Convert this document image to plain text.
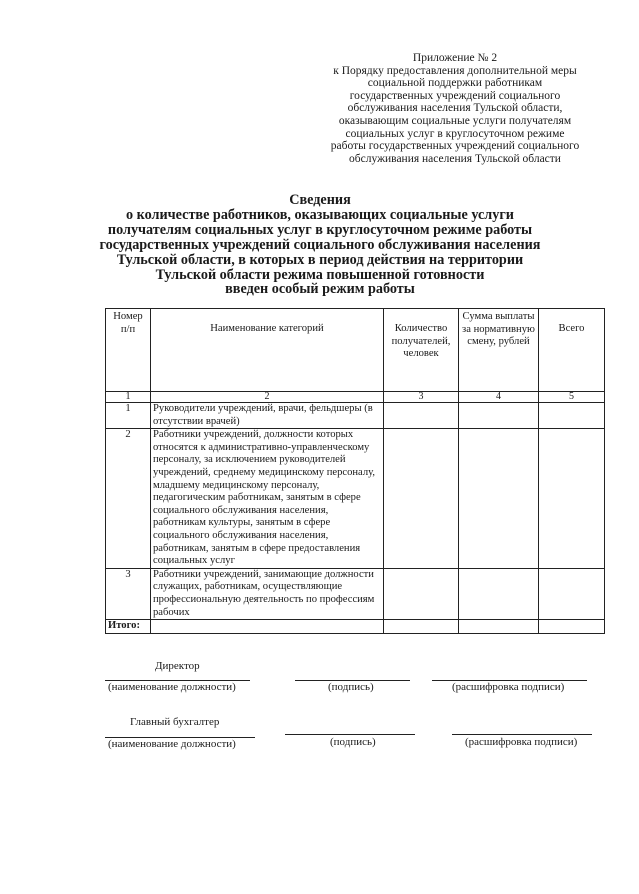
Приложение № 2
к Порядку предоставления дополнительной меры
социальной поддержки работникам
государственных учреждений социального
обслуживания населения Тульской области,
оказывающим социальные услуги получателям
социальных услуг в круглосуточном режиме
работы государственных учреждений социального
обслуживания населения Тульской области
Сведения
о количестве работников, оказывающих социальные услуги
получателям социальных услуг в круглосуточном режиме работы
государственных учреждений социального обслуживания населения
Тульской области, в которых в период действия на территории
Тульской области режима повышенной готовности
введен особый режим работы
Номер п/п	Наименование категорий	Количество получателей, человек	Сумма выплаты за нормативную смену, рублей	Всего
1	2	3	4	5
1	Руководители учреждений, врачи, фельдшеры (в отсутствии врачей)			
2	Работники учреждений, должности которых относятся к административно-управленческому персоналу, за исключением руководителей учреждений, среднему медицинскому персоналу, младшему медицинскому персоналу, педагогическим работникам, занятым в сфере социального обслуживания населения, работникам культуры, занятым в сфере социального обслуживания населения, работникам, занятым в сфере предоставления социальных услуг			
3	Работники учреждений, занимающие должности служащих, работникам, осуществляющие профессиональную деятельность по профессиям рабочих			
Итого:				
Директор
(наименование должности)	(подпись)	(расшифровка подписи)
Главный бухгалтер
(наименование должности)	(подпись)	(расшифровка подписи)
